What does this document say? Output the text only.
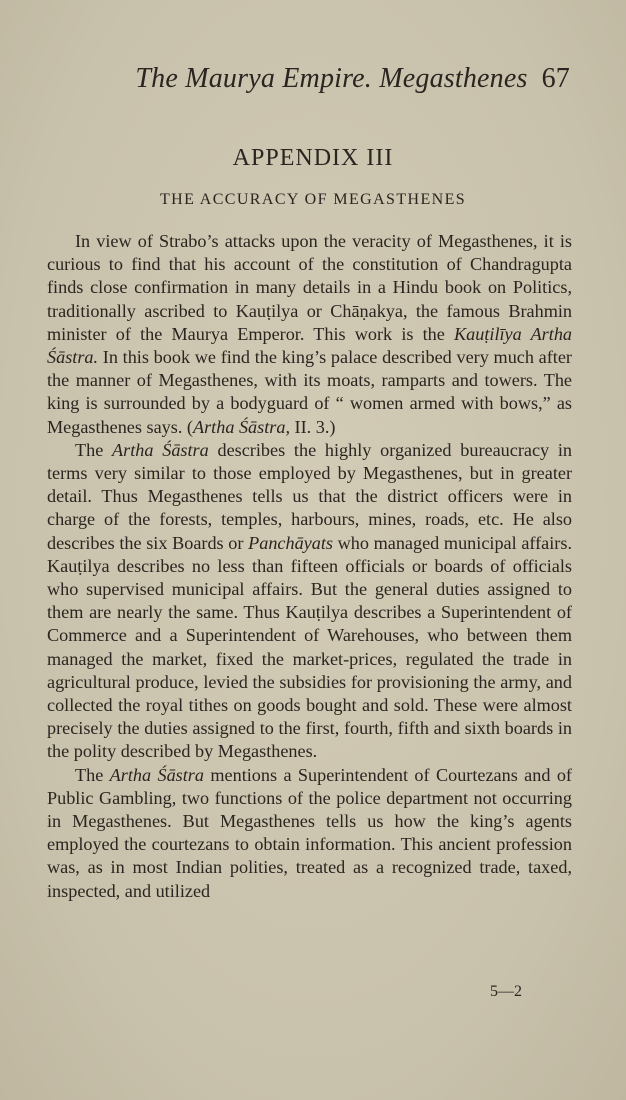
The Maurya Empire. Megasthenes 67
APPENDIX III
THE ACCURACY OF MEGASTHENES

In view of Strabo’s attacks upon the veracity of Megasthenes, it is curious to find that his account of the constitution of Chandragupta finds close confirmation in many details in a Hindu book on Politics, traditionally ascribed to Kauṭilya or Chāṇakya, the famous Brahmin minister of the Maurya Emperor. This work is the Kauṭilīya Artha Śāstra. In this book we find the king’s palace described very much after the manner of Megasthenes, with its moats, ramparts and towers. The king is surrounded by a bodyguard of “ women armed with bows,” as Megasthenes says. (Artha Śāstra, II. 3.)

The Artha Śāstra describes the highly organized bureaucracy in terms very similar to those employed by Megasthenes, but in greater detail. Thus Megasthenes tells us that the district officers were in charge of the forests, temples, harbours, mines, roads, etc. He also describes the six Boards or Panchāyats who managed municipal affairs. Kauṭilya describes no less than fifteen officials or boards of officials who supervised municipal affairs. But the general duties assigned to them are nearly the same. Thus Kauṭilya describes a Superintendent of Commerce and a Superintendent of Warehouses, who between them managed the market, fixed the market-prices, regulated the trade in agricultural produce, levied the subsidies for provisioning the army, and collected the royal tithes on goods bought and sold. These were almost precisely the duties assigned to the first, fourth, fifth and sixth boards in the polity described by Megasthenes.

The Artha Śāstra mentions a Superintendent of Courtezans and of Public Gambling, two functions of the police department not occurring in Megasthenes. But Megasthenes tells us how the king’s agents employed the courtezans to obtain information. This ancient profession was, as in most Indian polities, treated as a recognized trade, taxed, inspected, and utilized

5—2
